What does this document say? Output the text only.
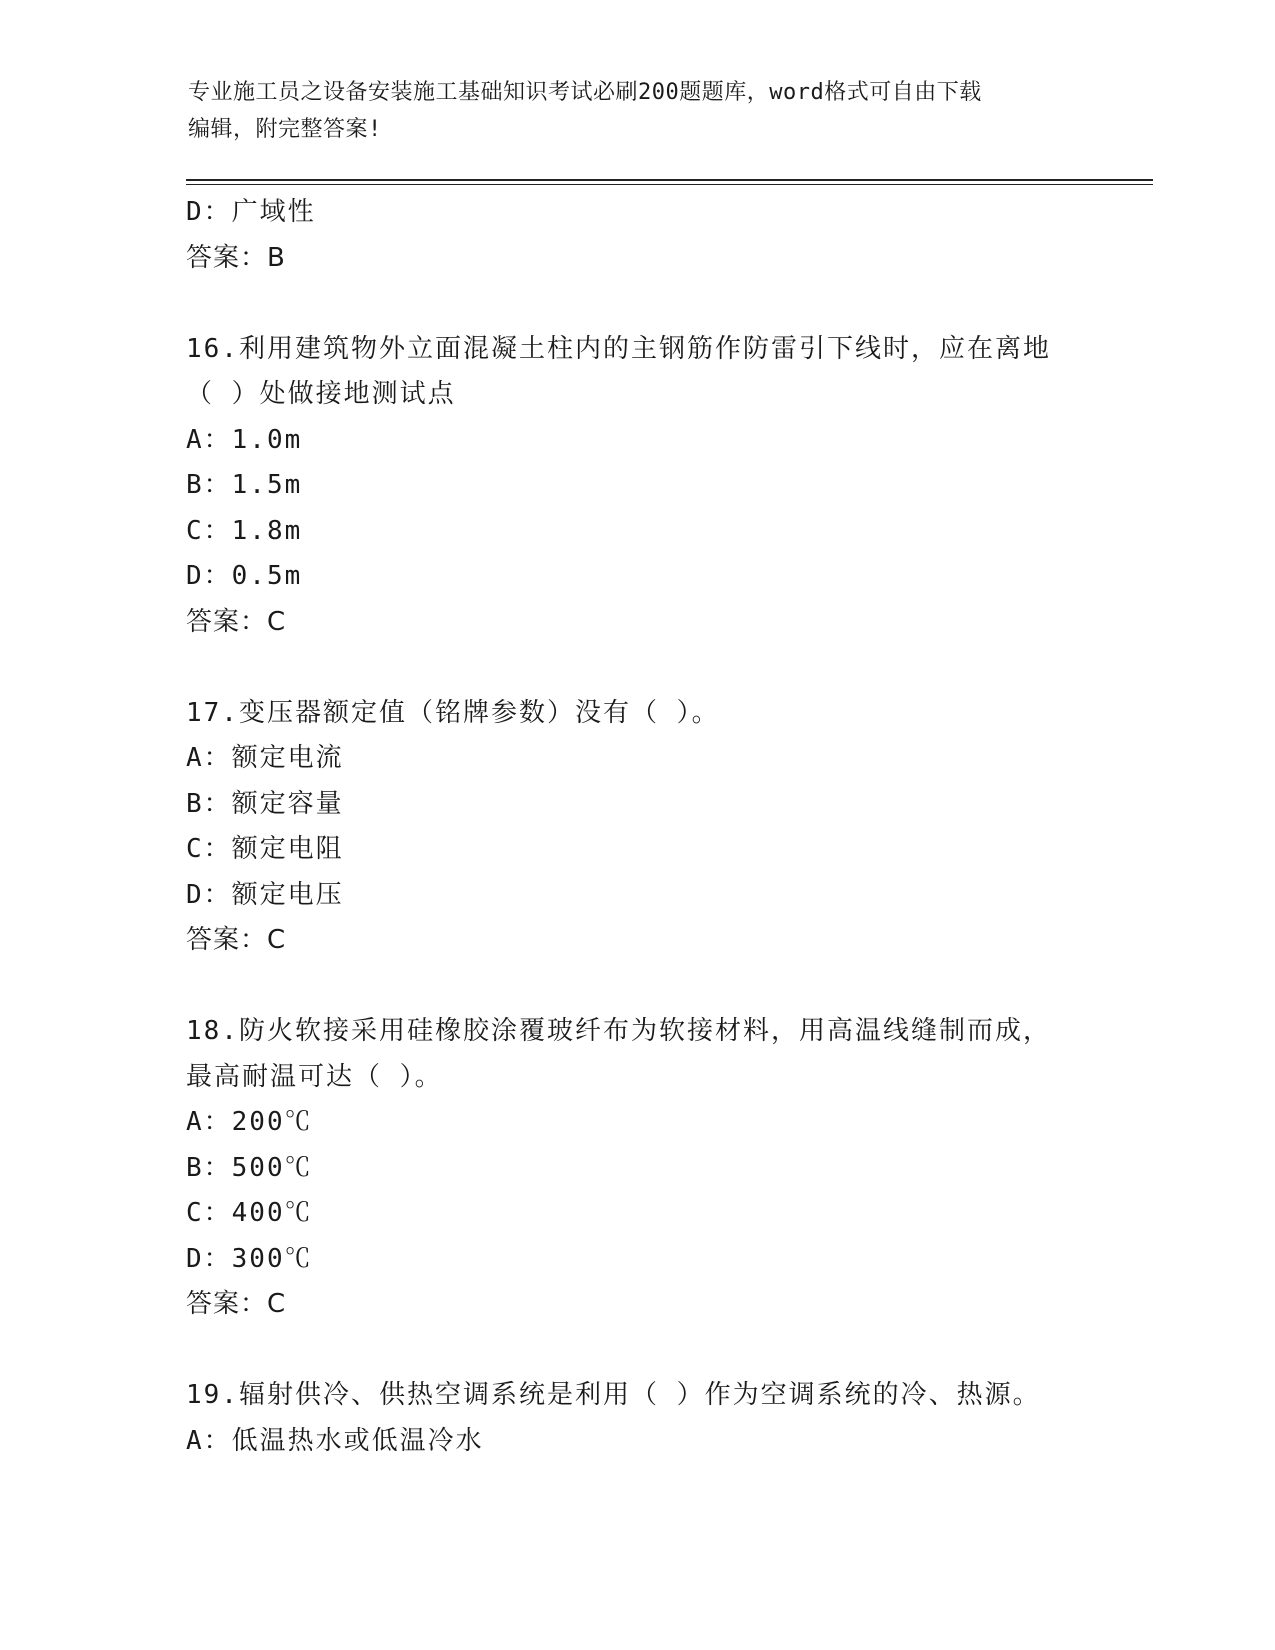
专业施工员之设备安装施工基础知识考试必刷200题题库，word格式可自由下载
编辑，附完整答案!
D：广域性
答案：B
16.利用建筑物外立面混凝土柱内的主钢筋作防雷引下线时，应在离地
（ ）处做接地测试点
A：1.0m
B：1.5m
C：1.8m
D：0.5m
答案：C
17.变压器额定值（铭牌参数）没有（ ）。
A：额定电流
B：额定容量
C：额定电阻
D：额定电压
答案：C
18.防火软接采用硅橡胶涂覆玻纤布为软接材料，用高温线缝制而成，
最高耐温可达（ ）。
A：200℃
B：500℃
C：400℃
D：300℃
答案：C
19.辐射供冷、供热空调系统是利用（ ）作为空调系统的冷、热源。
A：低温热水或低温冷水
